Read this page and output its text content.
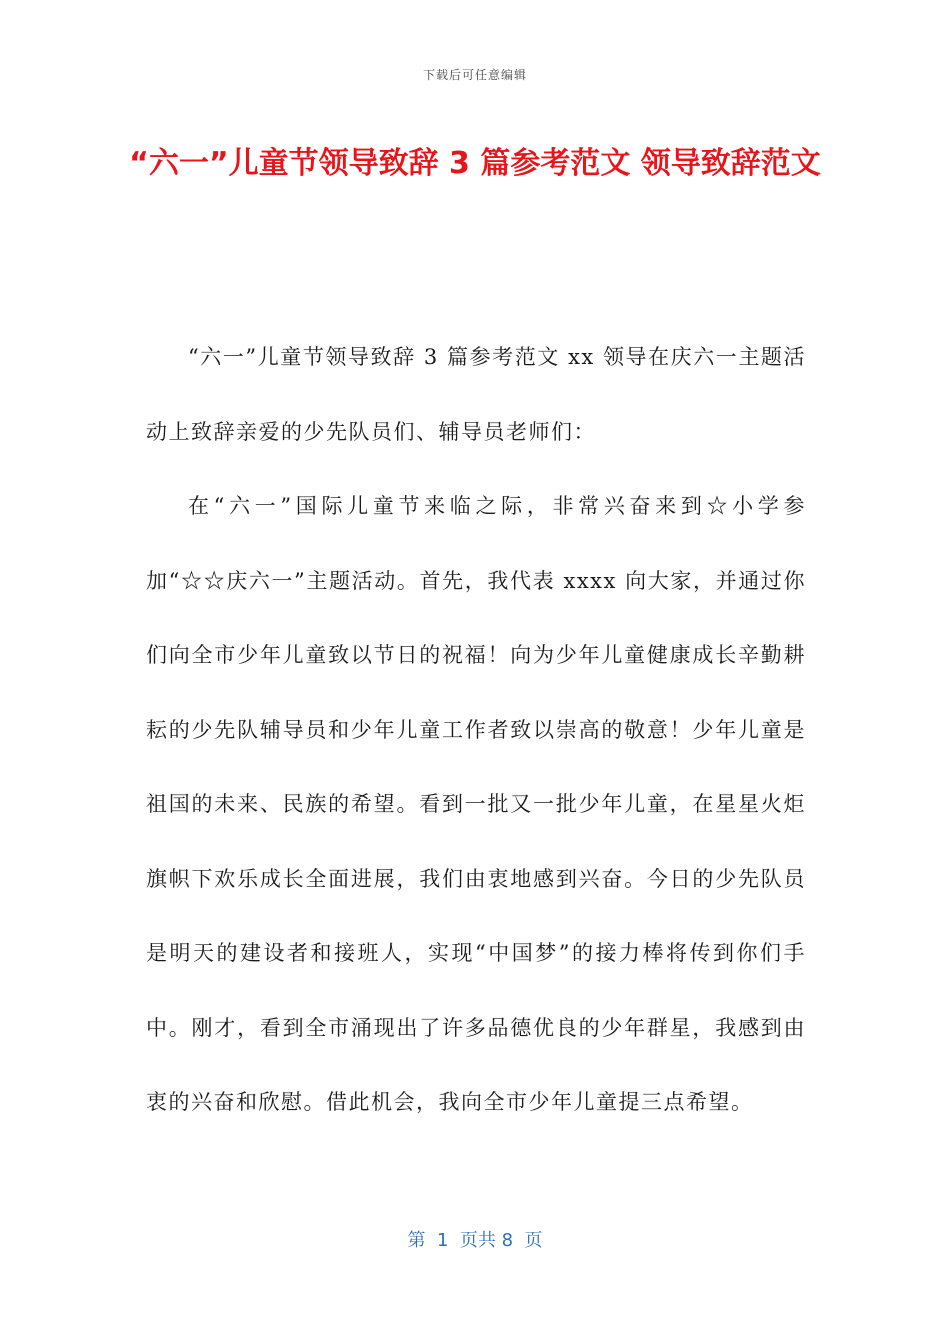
下载后可任意编辑
“六一”儿童节领导致辞 3 篇参考范文 领导致辞范文

“六一”儿童节领导致辞 3 篇参考范文 xx 领导在庆六一主题活动上致辞亲爱的少先队员们、辅导员老师们：

在“六一”国际儿童节来临之际，非常兴奋来到☆小学参加“☆☆庆六一”主题活动。首先，我代表 xxxx 向大家，并通过你们向全市少年儿童致以节日的祝福！向为少年儿童健康成长辛勤耕耘的少先队辅导员和少年儿童工作者致以崇高的敬意！少年儿童是祖国的未来、民族的希望。看到一批又一批少年儿童，在星星火炬旗帜下欢乐成长全面进展，我们由衷地感到兴奋。今日的少先队员是明天的建设者和接班人，实现“中国梦”的接力棒将传到你们手中。刚才，看到全市涌现出了许多品德优良的少年群星，我感到由衷的兴奋和欣慰。借此机会，我向全市少年儿童提三点希望。

第  1  页共 8  页
